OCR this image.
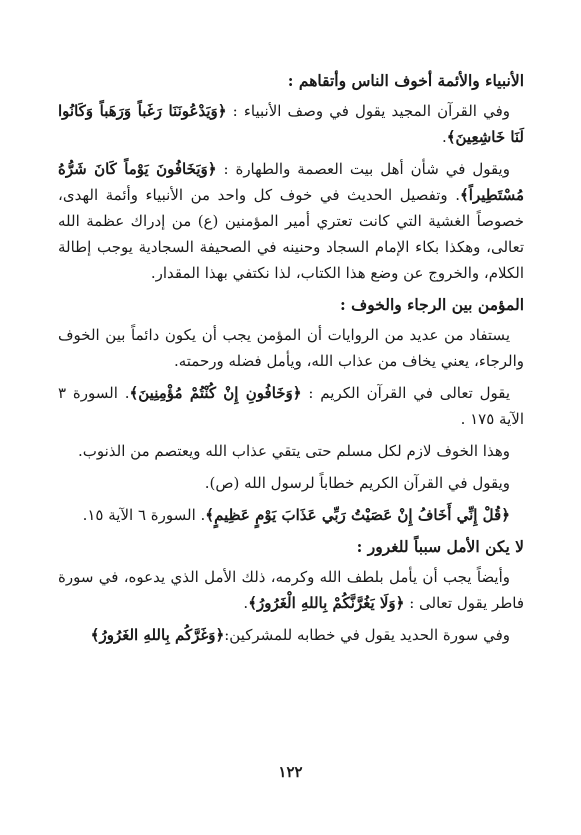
الأنبياء والأئمة أخوف الناس وأتقاهم :

وفي القرآن المجيد يقول في وصف الأنبياء : ﴿وَيَدْعُونَنَا رَغَباً وَرَهَباً وَكَانُوا لَنَا خَاشِعِينَ﴾.

ويقول في شأن أهل بيت العصمة والطهارة : ﴿وَيَخَافُونَ يَوْماً كَانَ شَرُّهُ مُسْتَطِيراً﴾. وتفصيل الحديث في خوف كل واحد من الأنبياء وأئمة الهدى، خصوصاً الغشية التي كانت تعتري أمير المؤمنين (ع) من إدراك عظمة الله تعالى، وهكذا بكاء الإمام السجاد وحنينه في الصحيفة السجادية يوجب إطالة الكلام، والخروج عن وضع هذا الكتاب، لذا نكتفي بهذا المقدار.

المؤمن بين الرجاء والخوف :

يستفاد من عديد من الروايات أن المؤمن يجب أن يكون دائماً بين الخوف والرجاء، يعني يخاف من عذاب الله، ويأمل فضله ورحمته.

يقول تعالى في القرآن الكريم : ﴿وَخَافُونِ إِنْ كُنْتُمْ مُؤْمِنِينَ﴾. السورة ٣ الآية ١٧٥ .

وهذا الخوف لازم لكل مسلم حتى يتقي عذاب الله ويعتصم من الذنوب.

ويقول في القرآن الكريم خطاباً لرسول الله (ص).

﴿قُلْ إِنِّي أَخَافُ إِنْ عَصَيْتُ رَبِّي عَذَابَ يَوْمٍ عَظِيمٍ﴾. السورة ٦ الآية ١٥.

لا يكن الأمل سبباً للغرور :

وأيضاً يجب أن يأمل بلطف الله وكرمه، ذلك الأمل الذي يدعوه، في سورة فاطر يقول تعالى : ﴿وَلَا يَغُرَّنَّكُمْ بِاللهِ الْغَرُورُ﴾.

وفي سورة الحديد يقول في خطابه للمشركين:﴿وَغَرَّكُم بِاللهِ الغَرُورُ﴾

١٢٢
